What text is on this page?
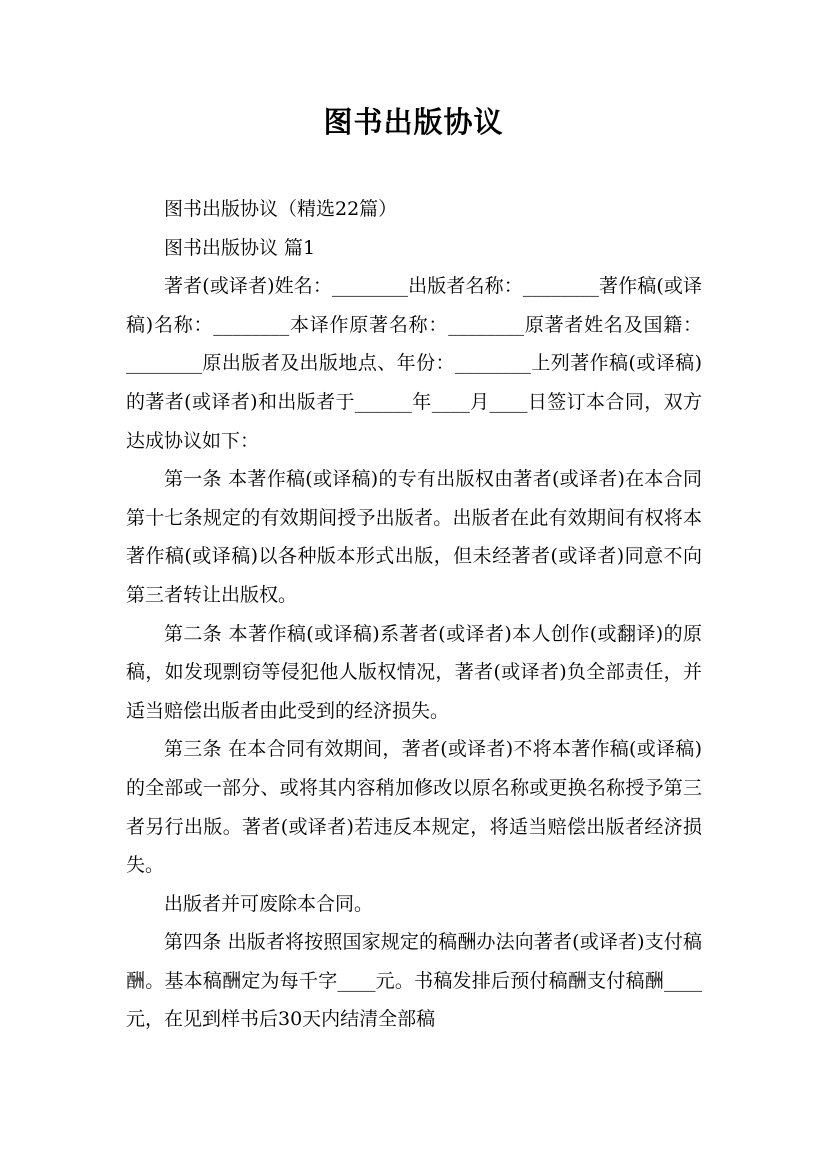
图书出版协议

图书出版协议（精选22篇）

图书出版协议 篇1

著者(或译者)姓名：________出版者名称：________著作稿(或译稿)名称：________本译作原著名称：________原著者姓名及国籍：________原出版者及出版地点、年份：________上列著作稿(或译稿)的著者(或译者)和出版者于______年____月____日签订本合同，双方达成协议如下：

第一条 本著作稿(或译稿)的专有出版权由著者(或译者)在本合同第十七条规定的有效期间授予出版者。出版者在此有效期间有权将本著作稿(或译稿)以各种版本形式出版，但未经著者(或译者)同意不向第三者转让出版权。

第二条 本著作稿(或译稿)系著者(或译者)本人创作(或翻译)的原稿，如发现剽窃等侵犯他人版权情况，著者(或译者)负全部责任，并适当赔偿出版者由此受到的经济损失。

第三条 在本合同有效期间，著者(或译者)不将本著作稿(或译稿)的全部或一部分、或将其内容稍加修改以原名称或更换名称授予第三者另行出版。著者(或译者)若违反本规定，将适当赔偿出版者经济损失。

出版者并可废除本合同。

第四条 出版者将按照国家规定的稿酬办法向著者(或译者)支付稿酬。基本稿酬定为每千字____元。书稿发排后预付稿酬支付稿酬____元，在见到样书后30天内结清全部稿
